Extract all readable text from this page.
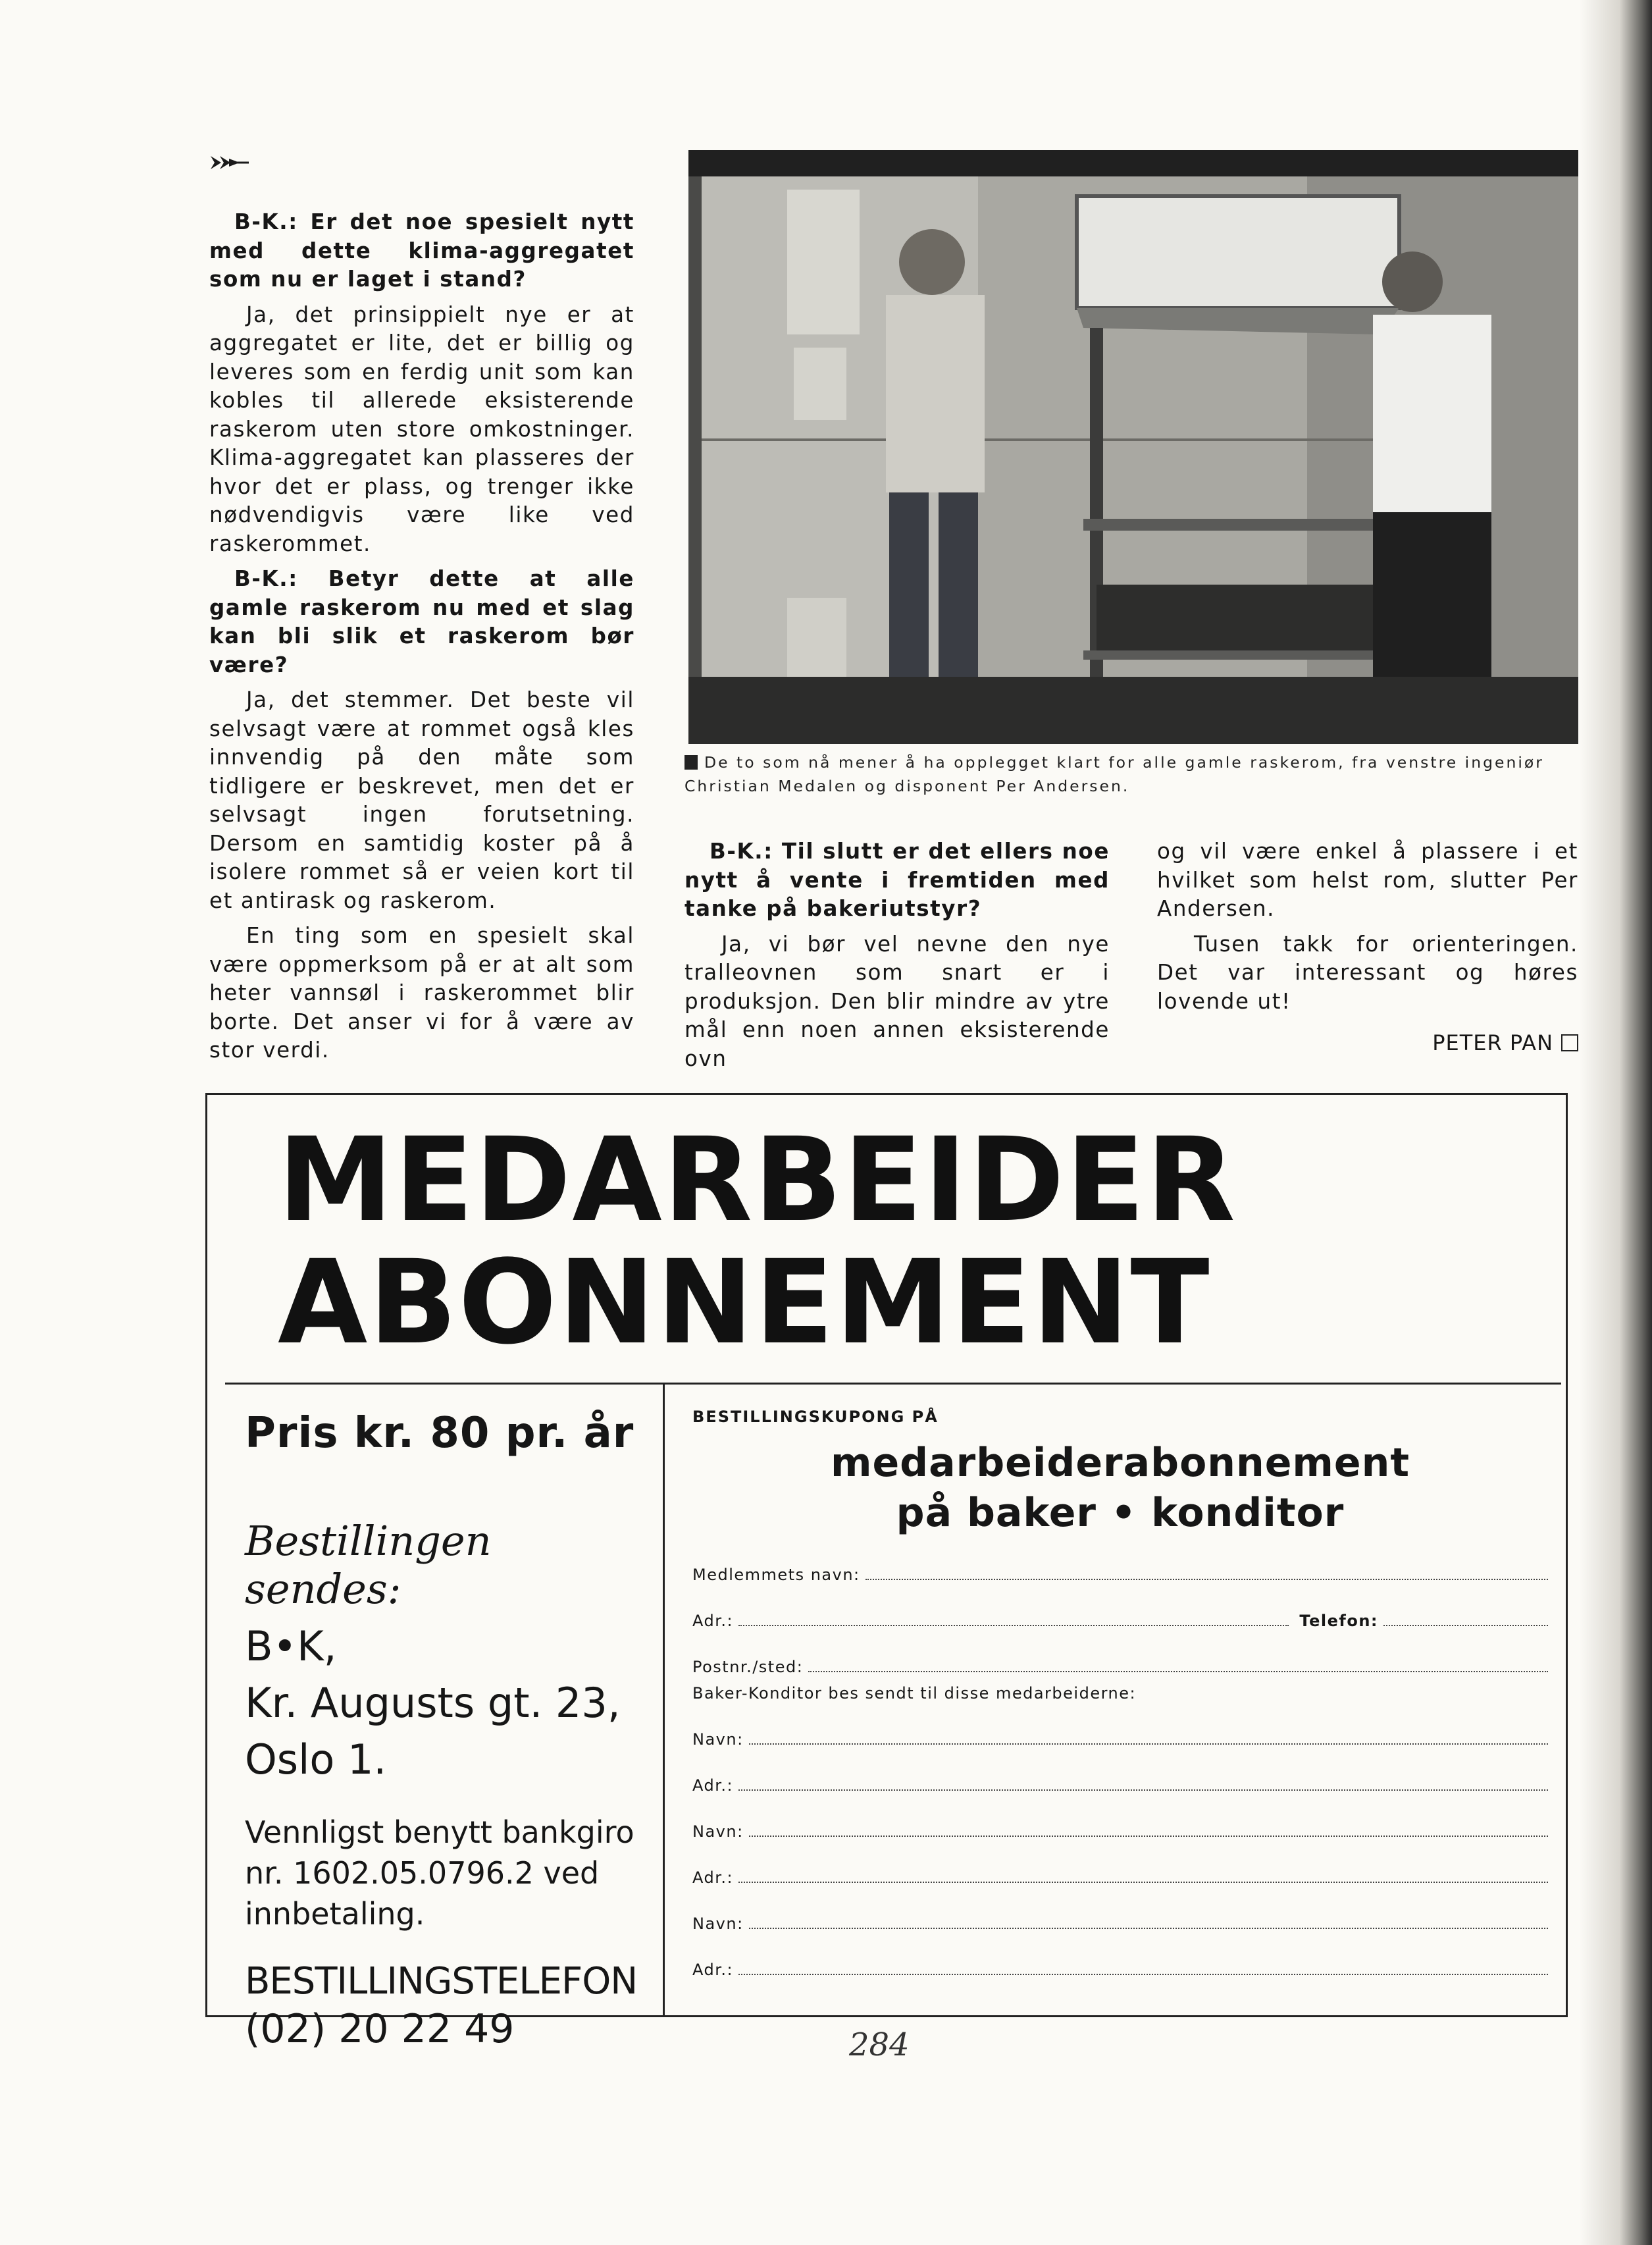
B-K.: Er det noe spesielt nytt med dette klima-aggregatet som nu er laget i stand?

Ja, det prinsippielt nye er at aggregatet er lite, det er billig og leveres som en ferdig unit som kan kobles til allerede eksisterende raskerom uten store omkostninger. Klima-aggregatet kan plasseres der hvor det er plass, og trenger ikke nødvendigvis være like ved raskerommet.

B-K.: Betyr dette at alle gamle raskerom nu med et slag kan bli slik et raskerom bør være?

Ja, det stemmer. Det beste vil selvsagt være at rommet også kles innvendig på den måte som tidligere er beskrevet, men det er selvsagt ingen forutsetning. Dersom en samtidig koster på å isolere rommet så er veien kort til et antirask og raskerom.

En ting som en spesielt skal være oppmerksom på er at alt som heter vannsøl i raskerommet blir borte. Det anser vi for å være av stor verdi.

De to som nå mener å ha opplegget klart for alle gamle raskerom, fra venstre ingeniør Christian Medalen og disponent Per Andersen.

B-K.: Til slutt er det ellers noe nytt å vente i fremtiden med tanke på bakeriutstyr?

Ja, vi bør vel nevne den nye tralleovnen som snart er i produksjon. Den blir mindre av ytre mål enn noen annen eksisterende ovn

og vil være enkel å plassere i et hvilket som helst rom, slutter Per Andersen.

Tusen takk for orienteringen. Det var interessant og høres lovende ut!

PETER PAN
MEDARBEIDER
ABONNEMENT
Pris kr. 80 pr. år
Bestillingen sendes:
B•K,
Kr. Augusts gt. 23,
Oslo 1.
Vennligst benytt bankgiro nr. 1602.05.0796.2 ved innbetaling.
BESTILLINGSTELEFON
(02) 20 22 49
BESTILLINGSKUPONG PÅ
medarbeiderabonnement
på baker • konditor
Medlemmets navn:
Adr.:	Telefon:
Postnr./sted:
Baker-Konditor bes sendt til disse medarbeiderne:
Navn:
Adr.:
Navn:
Adr.:
Navn:
Adr.:
284
